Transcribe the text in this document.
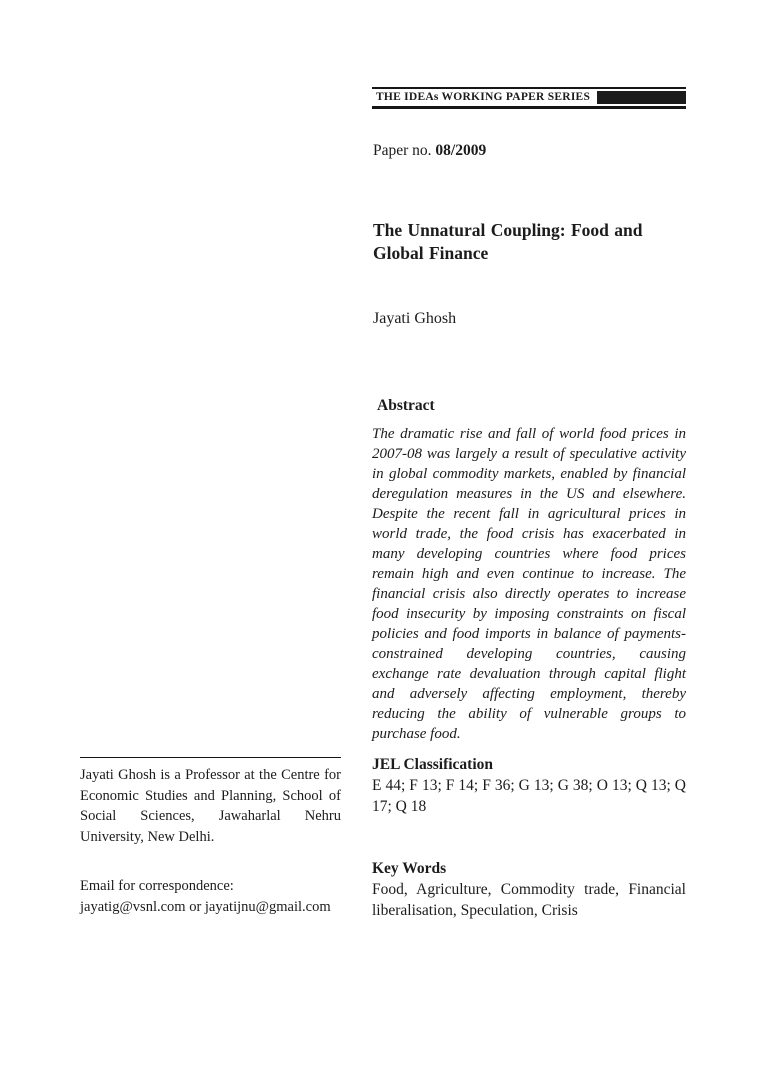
THE IDEAs WORKING PAPER SERIES
Paper no. 08/2009
The Unnatural Coupling: Food and Global Finance
Jayati Ghosh
Abstract
The dramatic rise and fall of world food prices in 2007-08 was largely a result of speculative activity in global commodity markets, enabled by financial deregulation measures in the US and elsewhere. Despite the recent fall in agricultural prices in world trade, the food crisis has exacerbated in many developing countries where food prices remain high and even continue to increase. The financial crisis also directly operates to increase food insecurity by imposing constraints on fiscal policies and food imports in balance of payments-constrained developing countries, causing exchange rate devaluation through capital flight and adversely affecting employment, thereby reducing the ability of vulnerable groups to purchase food.
JEL Classification
E 44; F 13; F 14; F 36; G 13; G 38; O 13; Q 13; Q 17; Q 18
Key Words
Food, Agriculture, Commodity trade, Financial liberalisation, Speculation, Crisis
Jayati Ghosh is a Professor at the Centre for Economic Studies and Planning, School of Social Sciences, Jawaharlal Nehru University, New Delhi.
Email for correspondence:
jayatig@vsnl.com or jayatijnu@gmail.com
